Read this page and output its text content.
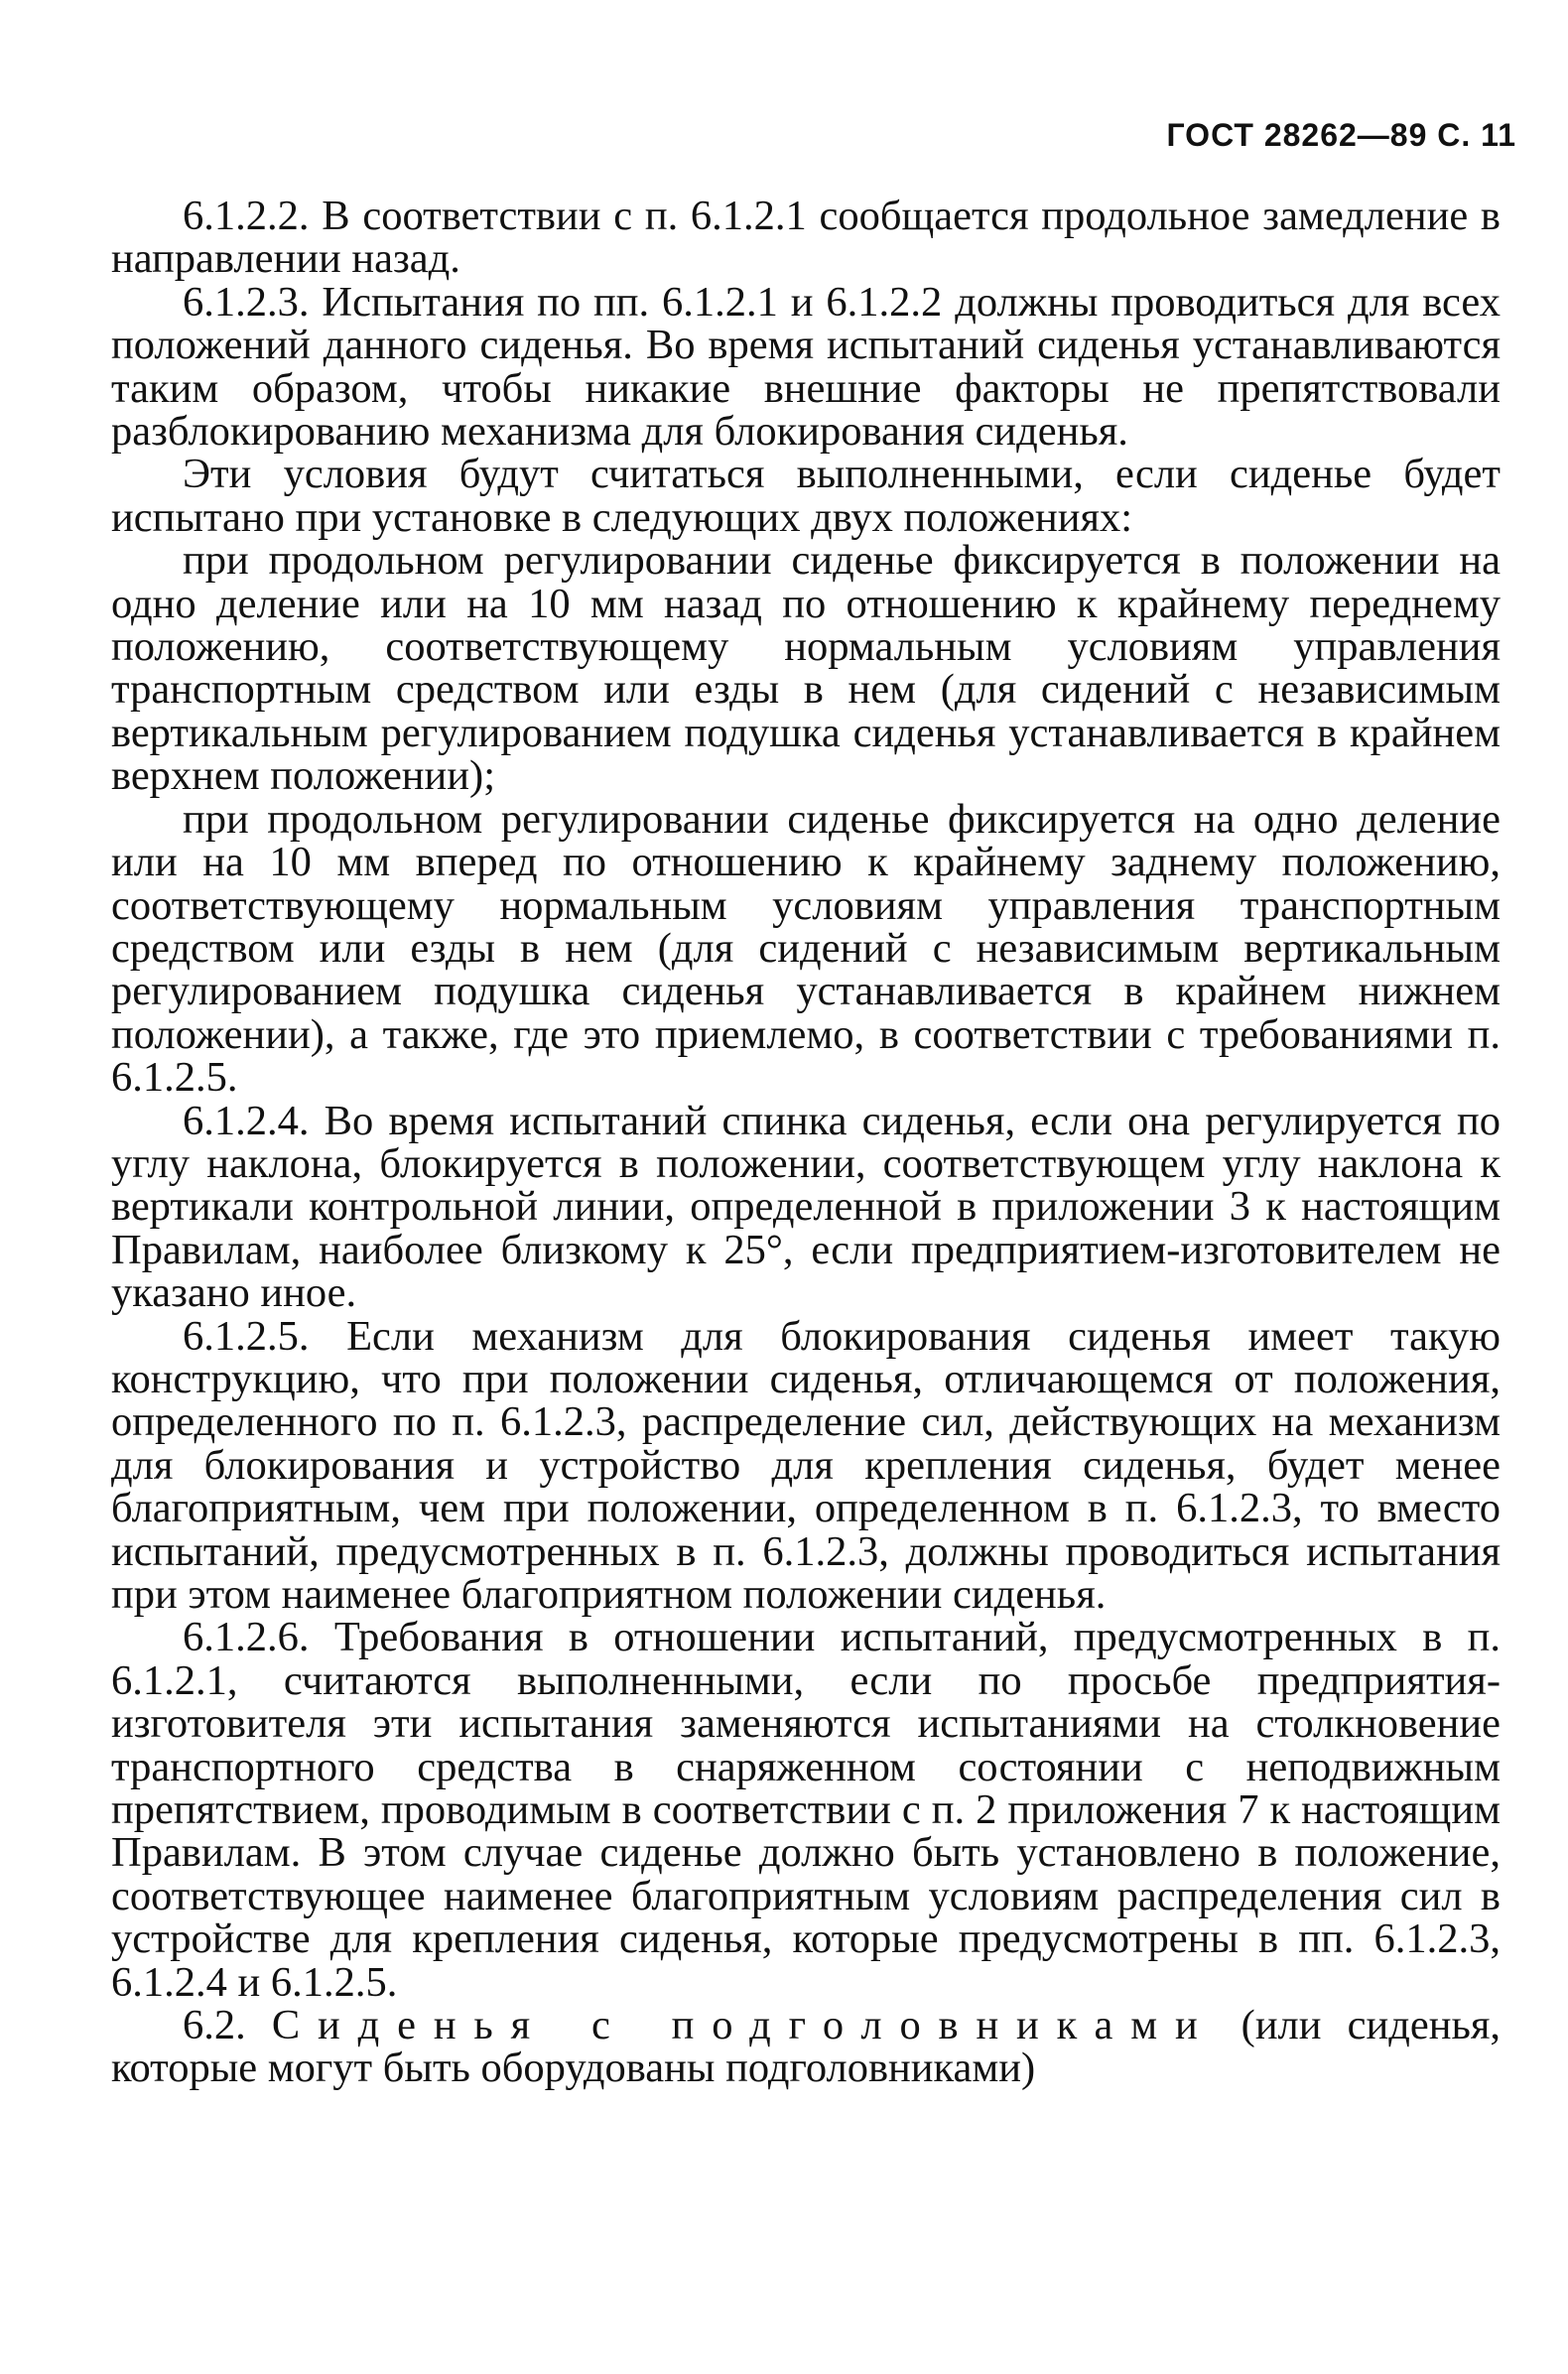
ГОСТ 28262—89 С. 11

6.1.2.2. В соответствии с п. 6.1.2.1 сообщается продольное замедление в направлении назад.

6.1.2.3. Испытания по пп. 6.1.2.1 и 6.1.2.2 должны проводиться для всех положений данного сиденья. Во время испытаний сиденья устанавливаются таким образом, чтобы никакие внешние факторы не препятствовали разблокированию механизма для блокирования сиденья.

Эти условия будут считаться выполненными, если сиденье будет испытано при установке в следующих двух положениях:

при продольном регулировании сиденье фиксируется в положении на одно деление или на 10 мм назад по отношению к крайнему переднему положению, соответствующему нормальным условиям управления транспортным средством или езды в нем (для сидений с независимым вертикальным регулированием подушка сиденья устанавливается в крайнем верхнем положении);

при продольном регулировании сиденье фиксируется на одно деление или на 10 мм вперед по отношению к крайнему заднему положению, соответствующему нормальным условиям управления транспортным средством или езды в нем (для сидений с независимым вертикальным регулированием подушка сиденья устанавливается в крайнем нижнем положении), а также, где это приемлемо, в соответствии с требованиями п. 6.1.2.5.

6.1.2.4. Во время испытаний спинка сиденья, если она регулируется по углу наклона, блокируется в положении, соответствующем углу наклона к вертикали контрольной линии, определенной в приложении 3 к настоящим Правилам, наиболее близкому к 25°, если предприятием-изготовителем не указано иное.

6.1.2.5. Если механизм для блокирования сиденья имеет такую конструкцию, что при положении сиденья, отличающемся от положения, определенного по п. 6.1.2.3, распределение сил, действующих на механизм для блокирования и устройство для крепления сиденья, будет менее благоприятным, чем при положении, определенном в п. 6.1.2.3, то вместо испытаний, предусмотренных в п. 6.1.2.3, должны проводиться испытания при этом наименее благоприятном положении сиденья.

6.1.2.6. Требования в отношении испытаний, предусмотренных в п. 6.1.2.1, считаются выполненными, если по просьбе предприятия-изготовителя эти испытания заменяются испытаниями на столкновение транспортного средства в снаряженном состоянии с неподвижным препятствием, проводимым в соответствии с п. 2 приложения 7 к настоящим Правилам. В этом случае сиденье должно быть установлено в положение, соответствующее наименее благоприятным условиям распределения сил в устройстве для крепления сиденья, которые предусмотрены в пп. 6.1.2.3, 6.1.2.4 и 6.1.2.5.

6.2. Сиденья с подголовниками (или сиденья, которые могут быть оборудованы подголовниками)
